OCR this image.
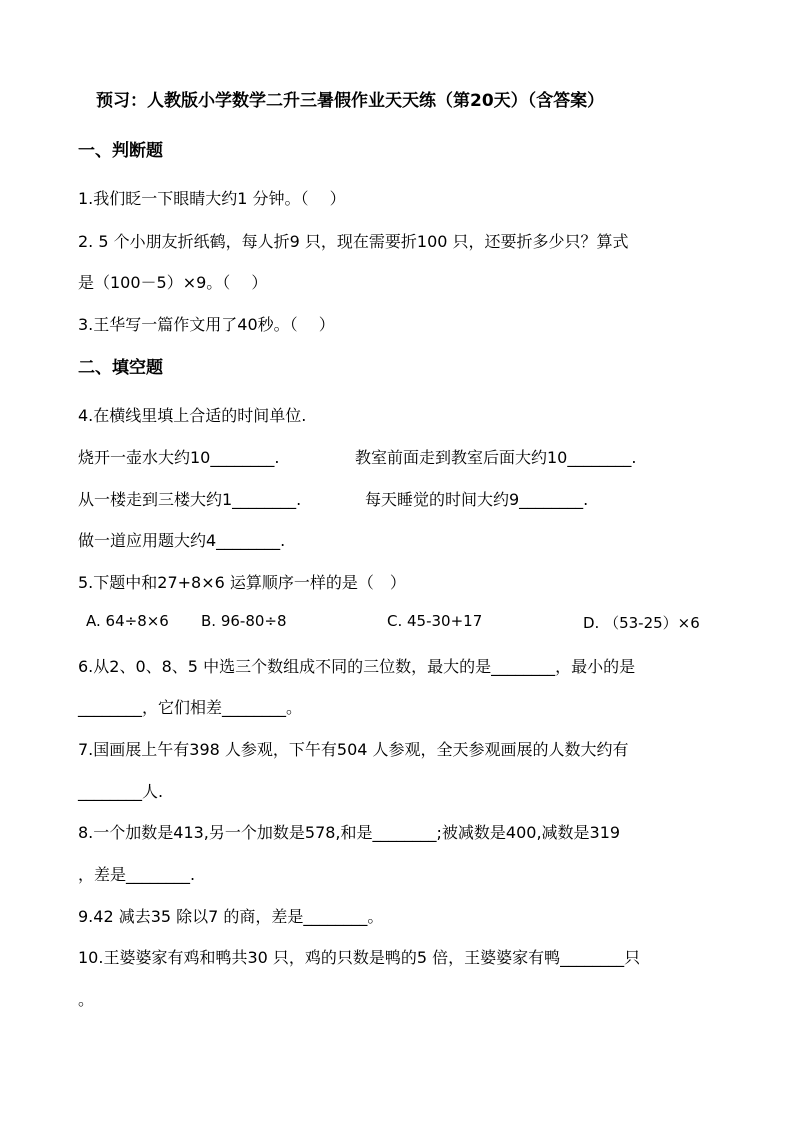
预习：人教版小学数学二升三暑假作业天天练（第20天）（含答案）
一、判断题
1.我们眨一下眼睛大约1 分钟。（　 ）
2. 5 个小朋友折纸鹤，每人折9 只，现在需要折100 只，还要折多少只？算式
是（100－5）×9。（　 ）
3.王华写一篇作文用了40秒。（　 ）
二、填空题
4.在横线里填上合适的时间单位.
烧开一壶水大约10________.	教室前面走到教室后面大约10________.
从一楼走到三楼大约1________.	每天睡觉的时间大约9________.
做一道应用题大约4________.
5.下题中和27+8×6 运算顺序一样的是（　）
A. 64÷8×6 B. 96-80÷8	C. 45-30+17	D. （53-25）×6
6.从2、0、8、5 中选三个数组成不同的三位数，最大的是________，最小的是
________，它们相差________。
7.国画展上午有398 人参观，下午有504 人参观，全天参观画展的人数大约有
________人.
8.一个加数是413,另一个加数是578,和是________;被减数是400,减数是319
，差是________.
9.42 减去35 除以7 的商，差是________。
10.王婆婆家有鸡和鸭共30 只，鸡的只数是鸭的5 倍，王婆婆家有鸭________只
。
